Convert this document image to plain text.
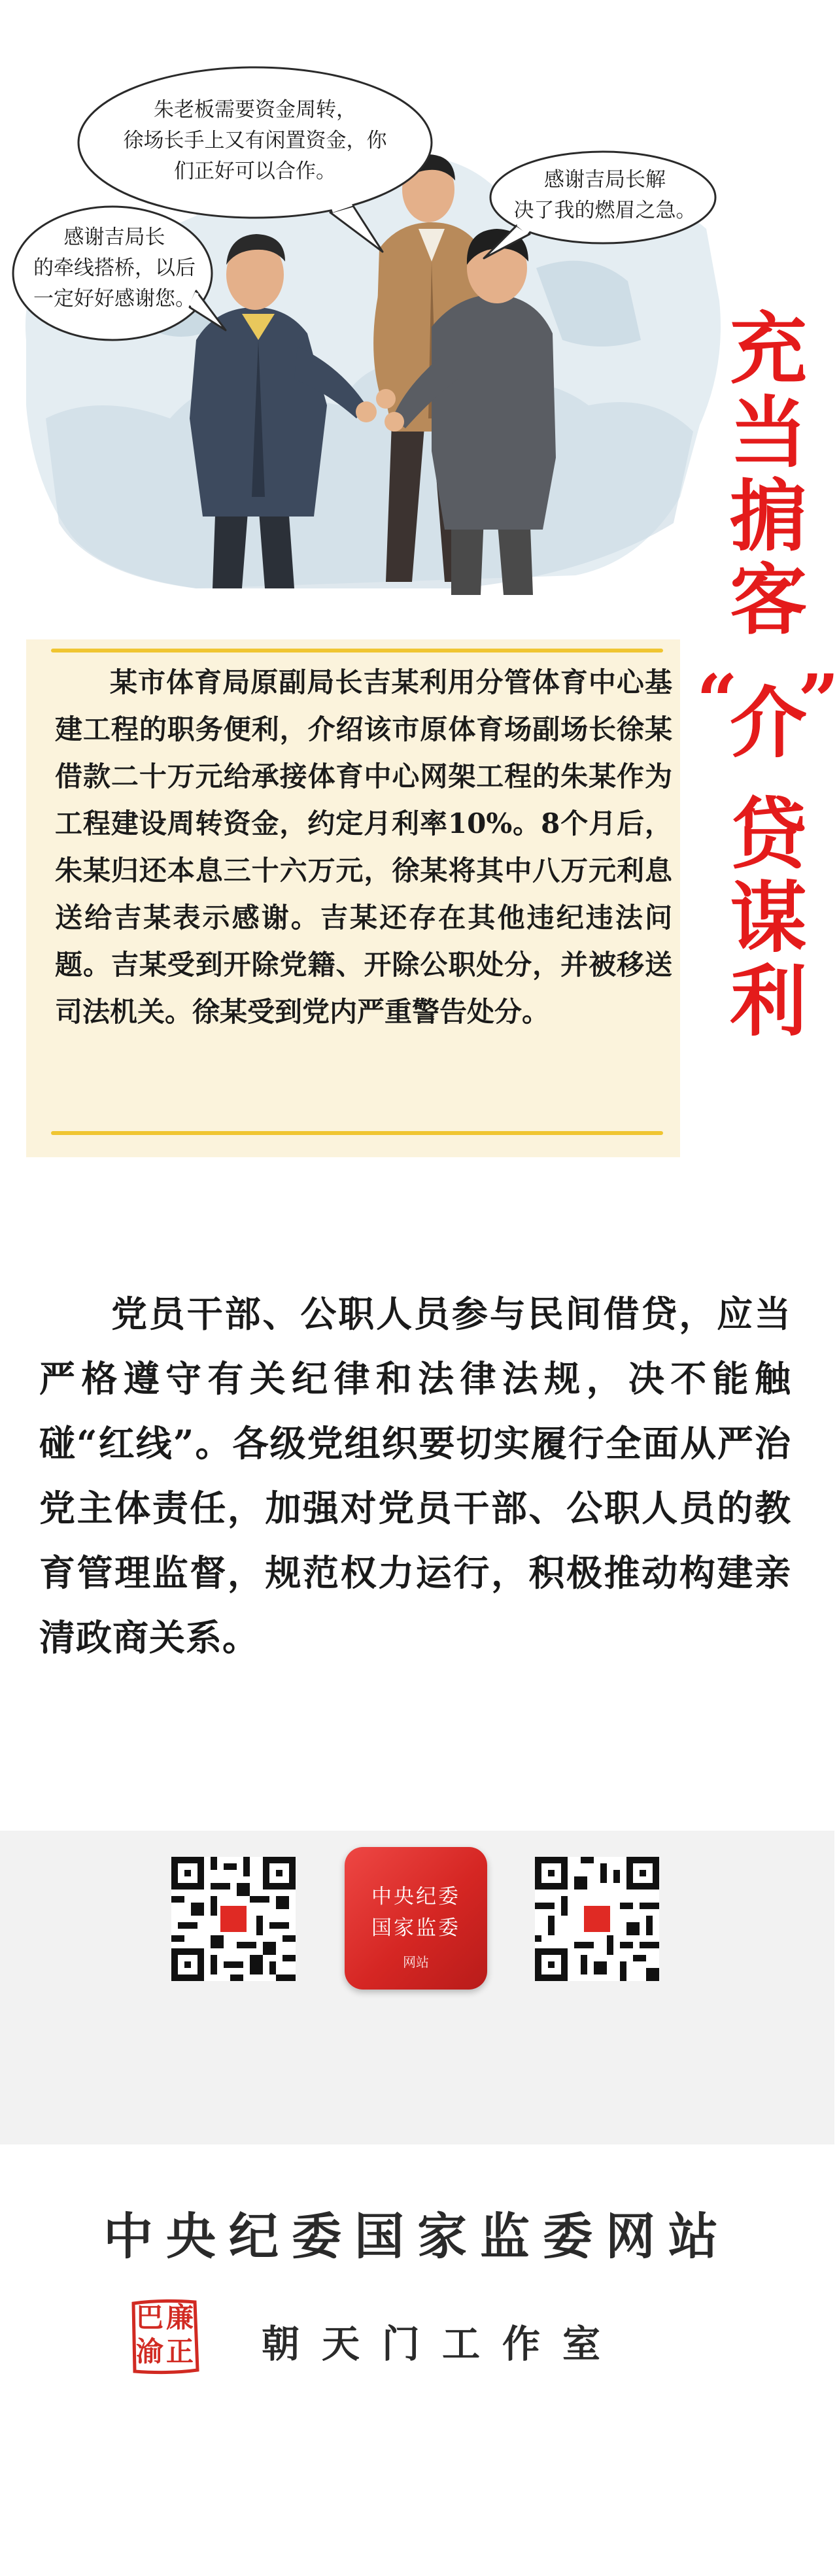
朱老板需要资金周转，
徐场长手上又有闲置资金，你
们正好可以合作。	感谢吉局长解
决了我的燃眉之急。
感谢吉局长
的牵线搭桥，以后
一定好好感谢您。
充
当
掮
客
“
介
”
贷
谋
利
某市体育局原副局长吉某利用分管体育中心基建工程的职务便利，介绍该市原体育场副场长徐某借款二十万元给承接体育中心网架工程的朱某作为工程建设周转资金，约定月利率10%。8个月后，朱某归还本息三十六万元，徐某将其中八万元利息送给吉某表示感谢。吉某还存在其他违纪违法问题。吉某受到开除党籍、开除公职处分，并被移送司法机关。徐某受到党内严重警告处分。
党员干部、公职人员参与民间借贷，应当严格遵守有关纪律和法律法规，决不能触碰“红线”。各级党组织要切实履行全面从严治党主体责任，加强对党员干部、公职人员的教育管理监督，规范权力运行，积极推动构建亲清政商关系。
中央纪委
国家监委
网站
中央纪委国家监委网站
巴 廉
渝 正 朝天门工作室
